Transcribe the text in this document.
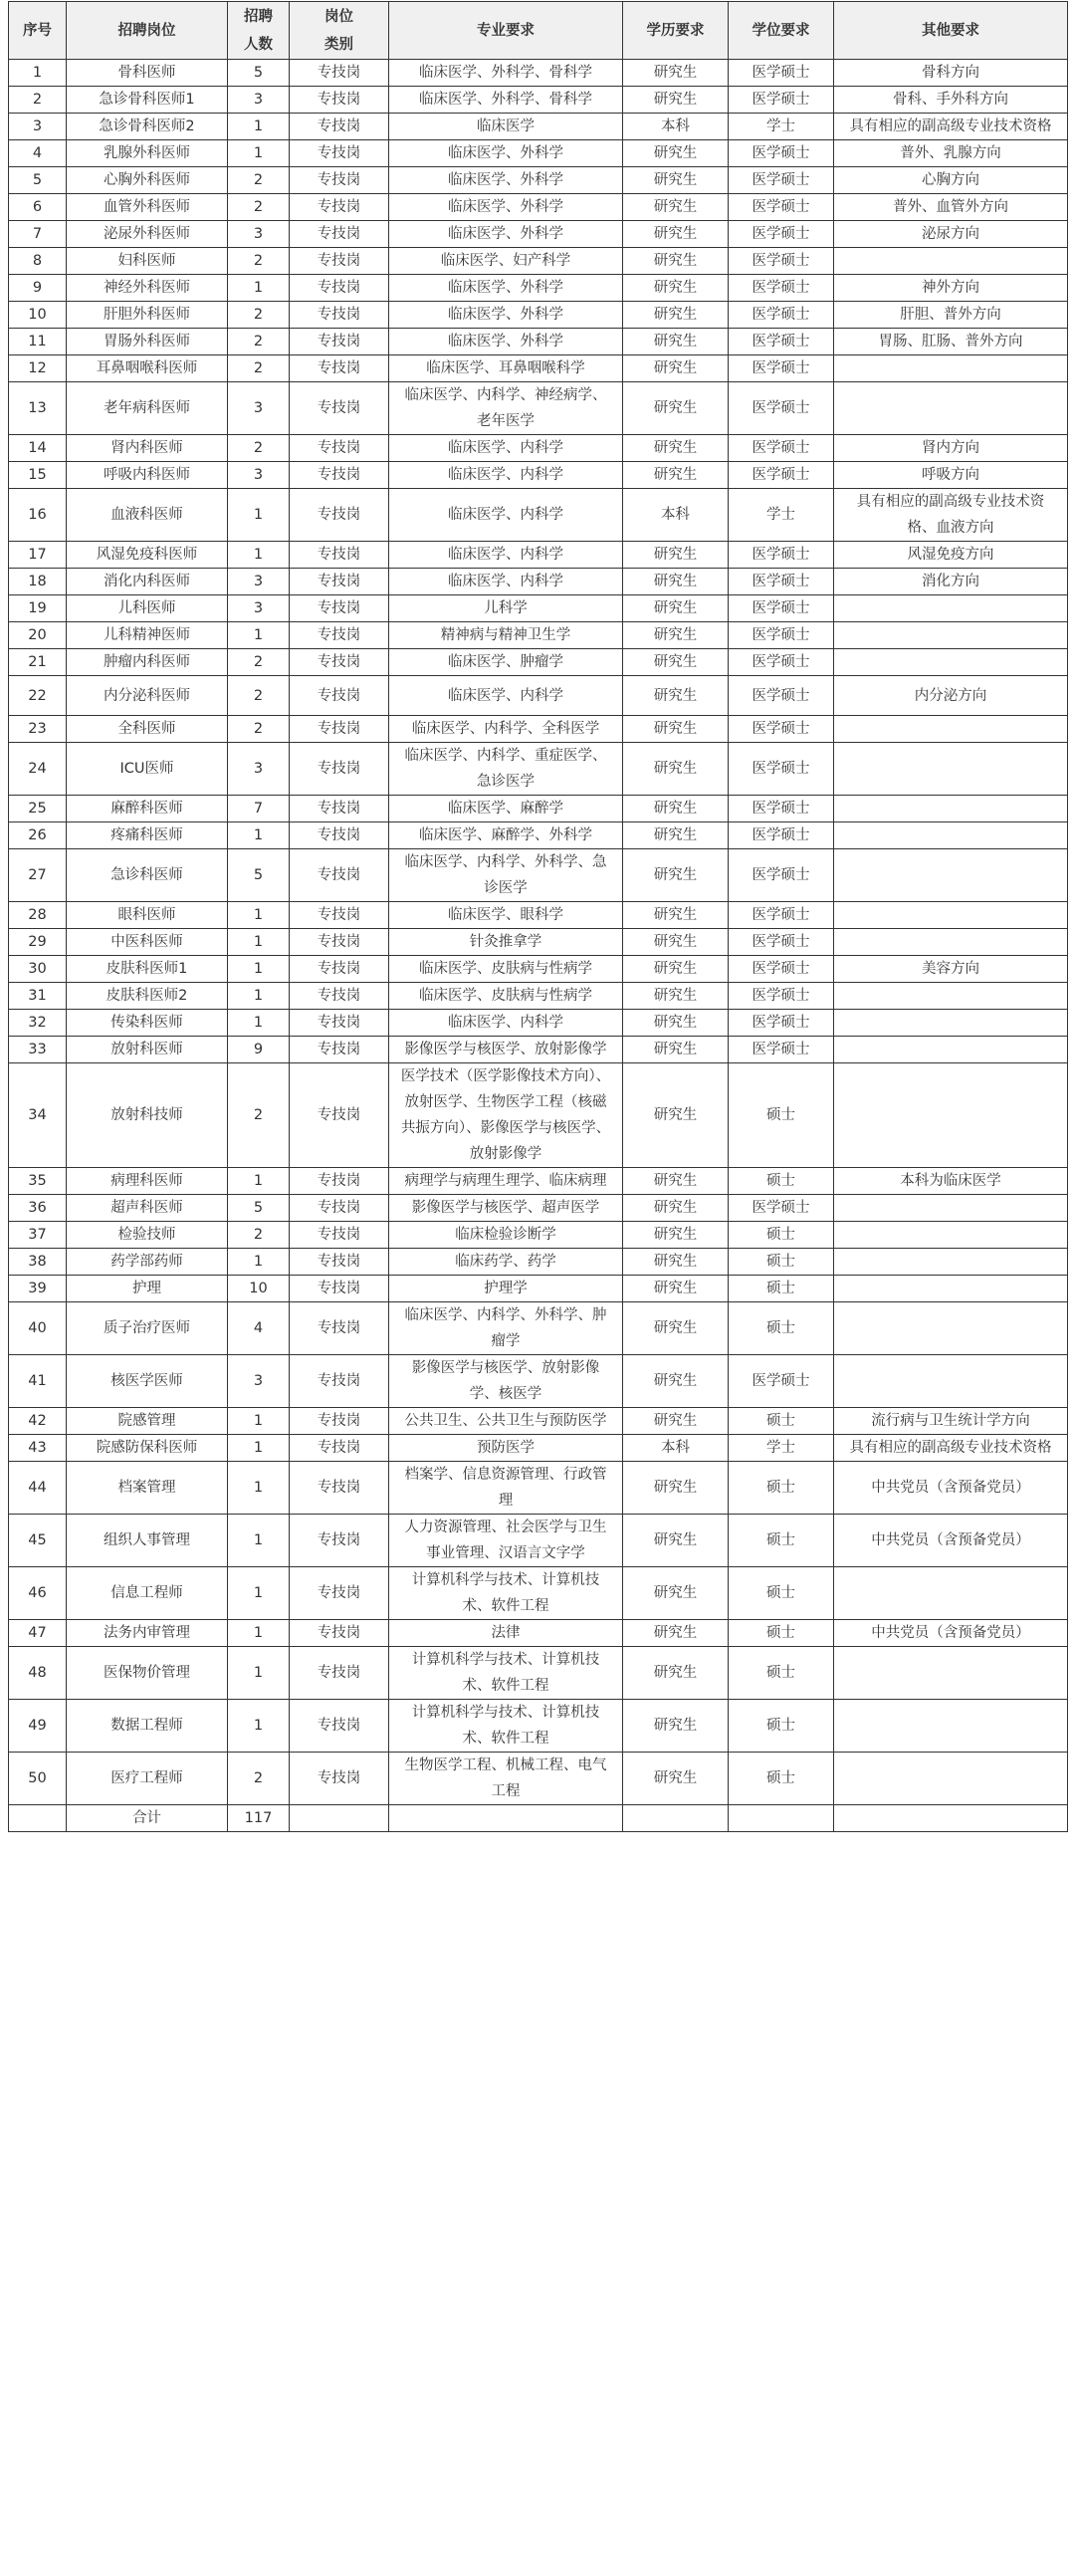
序号	招聘岗位	招聘人数	岗位类别	专业要求	学历要求	学位要求	其他要求
1	骨科医师	5	专技岗	临床医学、外科学、骨科学	研究生	医学硕士	骨科方向
2	急诊骨科医师1	3	专技岗	临床医学、外科学、骨科学	研究生	医学硕士	骨科、手外科方向
3	急诊骨科医师2	1	专技岗	临床医学	本科	学士	具有相应的副高级专业技术资格
4	乳腺外科医师	1	专技岗	临床医学、外科学	研究生	医学硕士	普外、乳腺方向
5	心胸外科医师	2	专技岗	临床医学、外科学	研究生	医学硕士	心胸方向
6	血管外科医师	2	专技岗	临床医学、外科学	研究生	医学硕士	普外、血管外方向
7	泌尿外科医师	3	专技岗	临床医学、外科学	研究生	医学硕士	泌尿方向
8	妇科医师	2	专技岗	临床医学、妇产科学	研究生	医学硕士	
9	神经外科医师	1	专技岗	临床医学、外科学	研究生	医学硕士	神外方向
10	肝胆外科医师	2	专技岗	临床医学、外科学	研究生	医学硕士	肝胆、普外方向
11	胃肠外科医师	2	专技岗	临床医学、外科学	研究生	医学硕士	胃肠、肛肠、普外方向
12	耳鼻咽喉科医师	2	专技岗	临床医学、耳鼻咽喉科学	研究生	医学硕士	
13	老年病科医师	3	专技岗	临床医学、内科学、神经病学、老年医学	研究生	医学硕士	
14	肾内科医师	2	专技岗	临床医学、内科学	研究生	医学硕士	肾内方向
15	呼吸内科医师	3	专技岗	临床医学、内科学	研究生	医学硕士	呼吸方向
16	血液科医师	1	专技岗	临床医学、内科学	本科	学士	具有相应的副高级专业技术资格、血液方向
17	风湿免疫科医师	1	专技岗	临床医学、内科学	研究生	医学硕士	风湿免疫方向
18	消化内科医师	3	专技岗	临床医学、内科学	研究生	医学硕士	消化方向
19	儿科医师	3	专技岗	儿科学	研究生	医学硕士	
20	儿科精神医师	1	专技岗	精神病与精神卫生学	研究生	医学硕士	
21	肿瘤内科医师	2	专技岗	临床医学、肿瘤学	研究生	医学硕士	
22	内分泌科医师	2	专技岗	临床医学、内科学	研究生	医学硕士	内分泌方向
23	全科医师	2	专技岗	临床医学、内科学、全科医学	研究生	医学硕士	
24	ICU医师	3	专技岗	临床医学、内科学、重症医学、急诊医学	研究生	医学硕士	
25	麻醉科医师	7	专技岗	临床医学、麻醉学	研究生	医学硕士	
26	疼痛科医师	1	专技岗	临床医学、麻醉学、外科学	研究生	医学硕士	
27	急诊科医师	5	专技岗	临床医学、内科学、外科学、急诊医学	研究生	医学硕士	
28	眼科医师	1	专技岗	临床医学、眼科学	研究生	医学硕士	
29	中医科医师	1	专技岗	针灸推拿学	研究生	医学硕士	
30	皮肤科医师1	1	专技岗	临床医学、皮肤病与性病学	研究生	医学硕士	美容方向
31	皮肤科医师2	1	专技岗	临床医学、皮肤病与性病学	研究生	医学硕士	
32	传染科医师	1	专技岗	临床医学、内科学	研究生	医学硕士	
33	放射科医师	9	专技岗	影像医学与核医学、放射影像学	研究生	医学硕士	
34	放射科技师	2	专技岗	医学技术（医学影像技术方向）、放射医学、生物医学工程（核磁共振方向）、影像医学与核医学、放射影像学	研究生	硕士	
35	病理科医师	1	专技岗	病理学与病理生理学、临床病理	研究生	硕士	本科为临床医学
36	超声科医师	5	专技岗	影像医学与核医学、超声医学	研究生	医学硕士	
37	检验技师	2	专技岗	临床检验诊断学	研究生	硕士	
38	药学部药师	1	专技岗	临床药学、药学	研究生	硕士	
39	护理	10	专技岗	护理学	研究生	硕士	
40	质子治疗医师	4	专技岗	临床医学、内科学、外科学、肿瘤学	研究生	硕士	
41	核医学医师	3	专技岗	影像医学与核医学、放射影像学、核医学	研究生	医学硕士	
42	院感管理	1	专技岗	公共卫生、公共卫生与预防医学	研究生	硕士	流行病与卫生统计学方向
43	院感防保科医师	1	专技岗	预防医学	本科	学士	具有相应的副高级专业技术资格
44	档案管理	1	专技岗	档案学、信息资源管理、行政管理	研究生	硕士	中共党员（含预备党员）
45	组织人事管理	1	专技岗	人力资源管理、社会医学与卫生事业管理、汉语言文字学	研究生	硕士	中共党员（含预备党员）
46	信息工程师	1	专技岗	计算机科学与技术、计算机技术、软件工程	研究生	硕士	
47	法务内审管理	1	专技岗	法律	研究生	硕士	中共党员（含预备党员）
48	医保物价管理	1	专技岗	计算机科学与技术、计算机技术、软件工程	研究生	硕士	
49	数据工程师	1	专技岗	计算机科学与技术、计算机技术、软件工程	研究生	硕士	
50	医疗工程师	2	专技岗	生物医学工程、机械工程、电气工程	研究生	硕士	
	合计	117					
